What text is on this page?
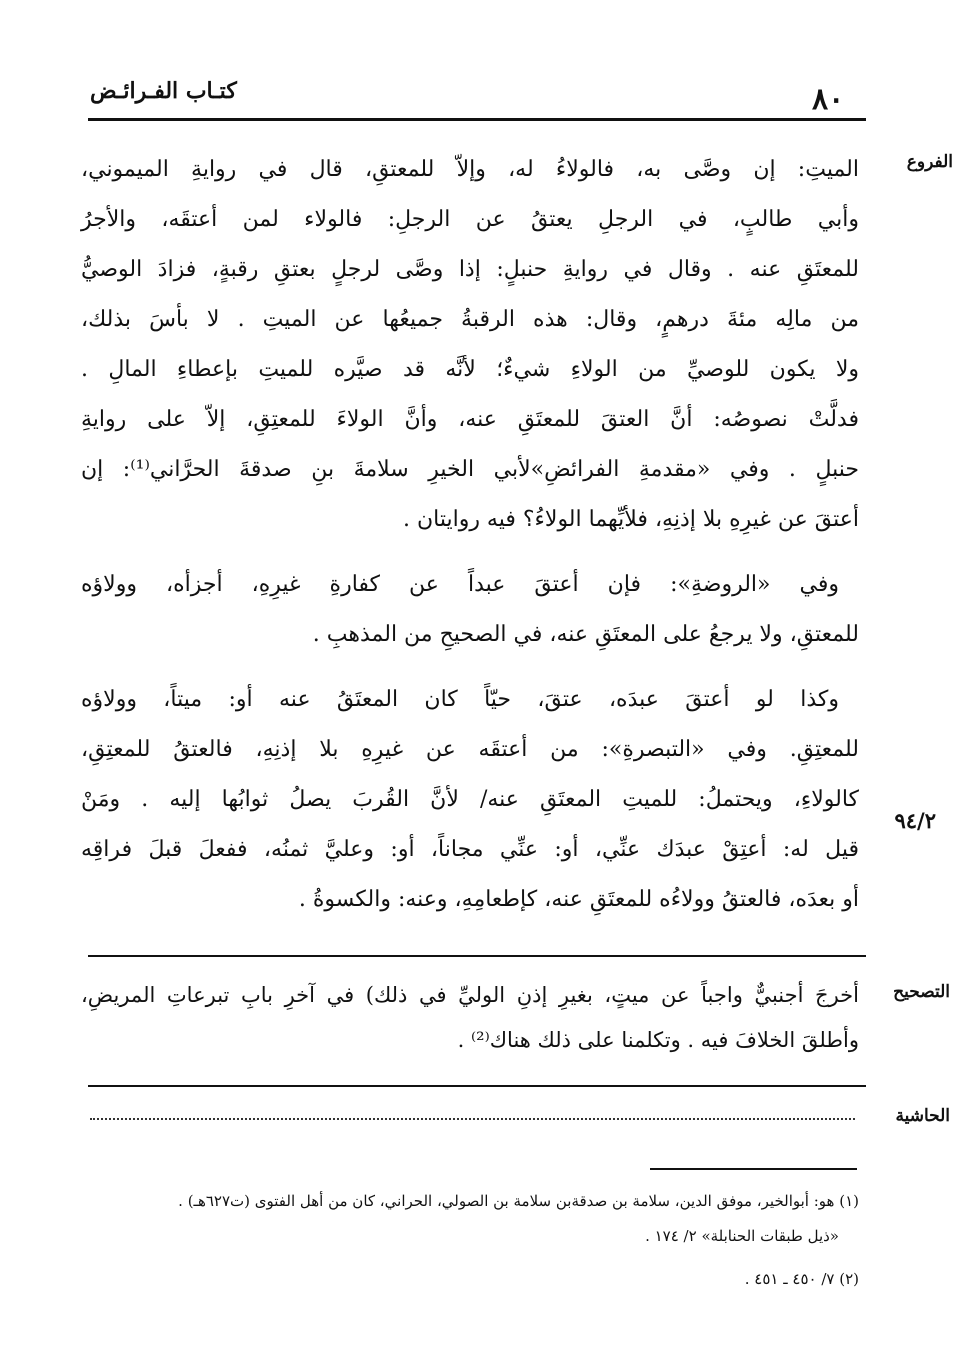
٨٠
كتـاب الفـرائـض
الفروع
٩٤/٢
التصحيح
الحاشية
الميتِ: إن وصَّى به، فالولاءُ له، وإلاّ للمعتقِ، قال في روايةِ الميموني،
وأبي طالبٍ، في الرجلِ يعتقُ عن الرجلِ: فالولاء لمن أعتقَه، والأجرُ
للمعتَقِ عنه . وقال في روايةِ حنبلٍ: إذا وصَّى لرجلٍ بعتقِ رقبةٍ، فزادَ الوصيُّ
من مالِه مئةَ درهمٍ، وقال: هذه الرقبةُ جميعُها عن الميتِ . لا بأسَ بذلك،
ولا يكون للوصيِّ من الولاءِ شيءٌ؛ لأنَّه قد صيَّره للميتِ بإعطاءِ المالِ .
فدلَّتْ نصوصُه: أنَّ العتقَ للمعتَقِ عنه، وأنَّ الولاءَ للمعتِقِ، إلاّ على روايةِ
حنبلٍ . وفي «مقدمةِ الفرائضِ»لأبي الخيرِ سلامةَ بنِ صدقةَ الحرَّاني⁽¹⁾: إن
أعتقَ عن غيرِهِ بلا إذنِهِ، فلأيِّهما الولاءُ؟ فيه روايتان .
وفي «الروضةِ»: فإن أعتقَ عبداً عن كفارةِ غيرِهِ، أجزأه، وولاؤه
للمعتقِ، ولا يرجعُ على المعتَقِ عنه، في الصحيحِ من المذهبِ .
وكذا لو أعتقَ عبدَه، عتقَ، حيّاً كان المعتَقُ عنه أو: ميتاً، وولاؤه
للمعتِقِ. وفي «التبصرةِ»: من أعتقَه عن غيرِهِ بلا إذنِهِ، فالعتقُ للمعتِقِ،
كالولاءِ، ويحتملُ: للميتِ المعتَقِ عنه/ لأنَّ القُربَ يصلُ ثوابُها إليه . ومَنْ
قيل له: أعتِقْ عبدَك عنِّي، أو: عنِّي مجاناً، أو: وعليَّ ثمنُه، ففعلَ قبلَ فراقِه
أو بعدَه، فالعتقُ وولاءُه للمعتَقِ عنه، كإطعامِهِ، وعنه: والكسوةُ .
أخرجَ أجنبيٌّ واجباً عن ميتٍ، بغيرِ إذنِ الوليِّ في ذلك) في آخرِ بابِ تبرعاتِ المريضِ،
وأطلقَ الخلافَ فيه . وتكلمنا على ذلك هناك⁽²⁾ .
(١) هو: أبوالخير، موفق الدين، سلامة بن صدقةبن سلامة بن الصولي، الحراني، كان من أهل الفتوى (ت٦٢٧هـ) .
«ذيل طبقات الحنابلة» ٢/ ١٧٤ .
(٢) ٧/ ٤٥٠ ـ ٤٥١ .
